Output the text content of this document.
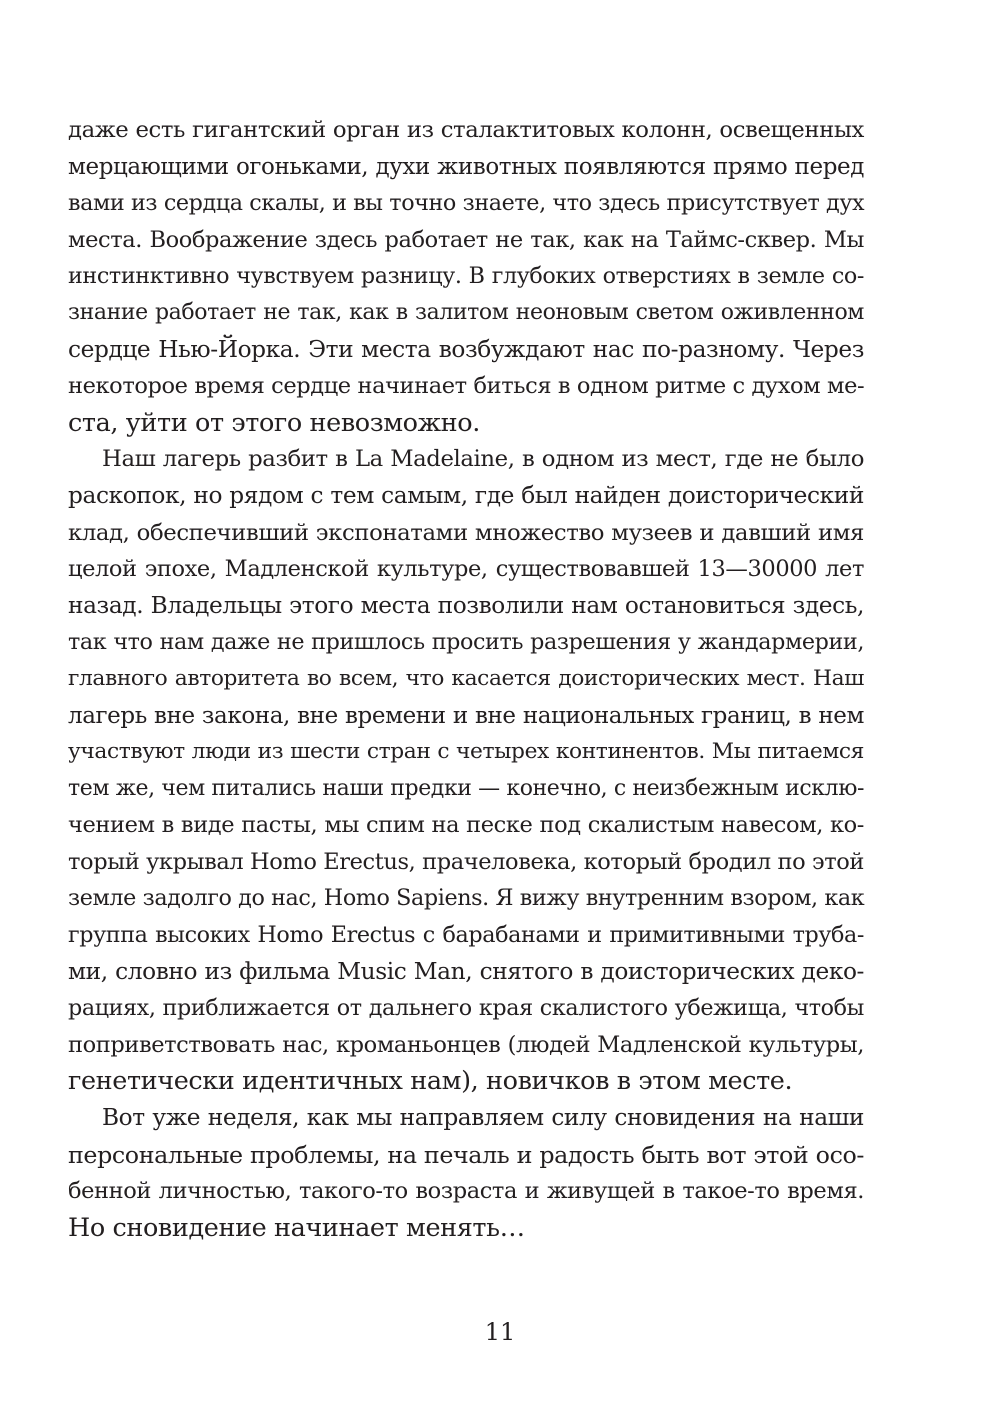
даже есть гигантский орган из сталактитовых колонн, освещенных
мерцающими огоньками, духи животных появляются прямо перед
вами из сердца скалы, и вы точно знаете, что здесь присутствует дух
места. Воображение здесь работает не так, как на Таймс-сквер. Мы
инстинктивно чувствуем разницу. В глубоких отверстиях в земле со-
знание работает не так, как в залитом неоновым светом оживленном
сердце Нью-Йорка. Эти места возбуждают нас по-разному. Через
некоторое время сердце начинает биться в одном ритме с духом ме-
ста, уйти от этого невозможно.
Наш лагерь разбит в La Madelaine, в одном из мест, где не было
раскопок, но рядом с тем самым, где был найден доисторический
клад, обеспечивший экспонатами множество музеев и давший имя
целой эпохе, Мадленской культуре, существовавшей 13—30000 лет
назад. Владельцы этого места позволили нам остановиться здесь,
так что нам даже не пришлось просить разрешения у жандармерии,
главного авторитета во всем, что касается доисторических мест. Наш
лагерь вне закона, вне времени и вне национальных границ, в нем
участвуют люди из шести стран с четырех континентов. Мы питаемся
тем же, чем питались наши предки — конечно, с неизбежным исклю-
чением в виде пасты, мы спим на песке под скалистым навесом, ко-
торый укрывал Homo Erectus, прачеловека, который бродил по этой
земле задолго до нас, Homo Sapiens. Я вижу внутренним взором, как
группа высоких Homo Erectus с барабанами и примитивными труба-
ми, словно из фильма Music Man, снятого в доисторических деко-
рациях, приближается от дальнего края скалистого убежища, чтобы
поприветствовать нас, кроманьонцев (людей Мадленской культуры,
генетически идентичных нам), новичков в этом месте.
Вот уже неделя, как мы направляем силу сновидения на наши
персональные проблемы, на печаль и радость быть вот этой осо-
бенной личностью, такого-то возраста и живущей в такое-то время.
Но сновидение начинает менять…
11
